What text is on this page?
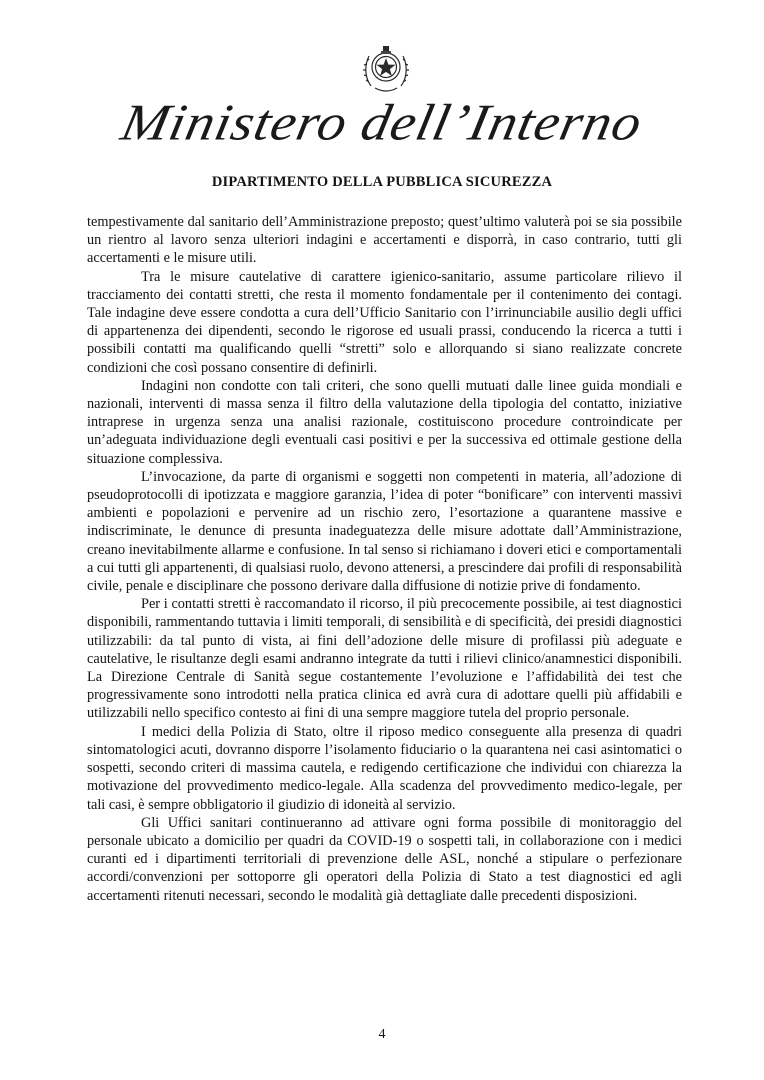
Ministero dell’Interno
DIPARTIMENTO DELLA PUBBLICA SICUREZZA

tempestivamente dal sanitario dell’Amministrazione preposto; quest’ultimo valuterà poi se sia possibile un rientro al lavoro senza ulteriori indagini e accertamenti e disporrà, in caso contrario, tutti gli accertamenti e le misure utili.

Tra le misure cautelative di carattere igienico-sanitario, assume particolare rilievo il tracciamento dei contatti stretti, che resta il momento fondamentale per il contenimento dei contagi. Tale indagine deve essere condotta a cura dell’Ufficio Sanitario con l’irrinunciabile ausilio degli uffici di appartenenza dei dipendenti, secondo le rigorose ed usuali prassi, conducendo la ricerca a tutti i possibili contatti ma qualificando quelli “stretti” solo e allorquando si siano realizzate concrete condizioni che così possano consentire di definirli.

Indagini non condotte con tali criteri, che sono quelli mutuati dalle linee guida mondiali e nazionali, interventi di massa senza il filtro della valutazione della tipologia del contatto, iniziative intraprese in urgenza senza una analisi razionale, costituiscono procedure controindicate per un’adeguata individuazione degli eventuali casi positivi e per la successiva ed ottimale gestione della situazione complessiva.

L’invocazione, da parte di organismi e soggetti non competenti in materia, all’adozione di pseudoprotocolli di ipotizzata e maggiore garanzia, l’idea di poter “bonificare” con interventi massivi ambienti e popolazioni e pervenire ad un rischio zero, l’esortazione a quarantene massive e indiscriminate, le denunce di presunta inadeguatezza delle misure adottate dall’Amministrazione, creano inevitabilmente allarme e confusione. In tal senso si richiamano i doveri etici e comportamentali a cui tutti gli appartenenti, di qualsiasi ruolo, devono attenersi, a prescindere dai profili di responsabilità civile, penale e disciplinare che possono derivare dalla diffusione di notizie prive di fondamento.

Per i contatti stretti è raccomandato il ricorso, il più precocemente possibile, ai test diagnostici disponibili, rammentando tuttavia i limiti temporali, di sensibilità e di specificità, dei presidi diagnostici utilizzabili: da tal punto di vista, ai fini dell’adozione delle misure di profilassi più adeguate e cautelative, le risultanze degli esami andranno integrate da tutti i rilievi clinico/anamnestici disponibili. La Direzione Centrale di Sanità segue costantemente l’evoluzione e l’affidabilità dei test che progressivamente sono introdotti nella pratica clinica ed avrà cura di adottare quelli più affidabili e utilizzabili nello specifico contesto ai fini di una sempre maggiore tutela del proprio personale.

I medici della Polizia di Stato, oltre il riposo medico conseguente alla presenza di quadri sintomatologici acuti, dovranno disporre l’isolamento fiduciario o la quarantena nei casi asintomatici o sospetti, secondo criteri di massima cautela, e redigendo certificazione che individui con chiarezza la motivazione del provvedimento medico-legale. Alla scadenza del provvedimento medico-legale, per tali casi, è sempre obbligatorio il giudizio di idoneità al servizio.

Gli Uffici sanitari continueranno ad attivare ogni forma possibile di monitoraggio del personale ubicato a domicilio per quadri da COVID-19 o sospetti tali, in collaborazione con i medici curanti ed i dipartimenti territoriali di prevenzione delle ASL, nonché a stipulare o perfezionare accordi/convenzioni per sottoporre gli operatori della Polizia di Stato a test diagnostici ed agli accertamenti ritenuti necessari, secondo le modalità già dettagliate dalle precedenti disposizioni.

4
